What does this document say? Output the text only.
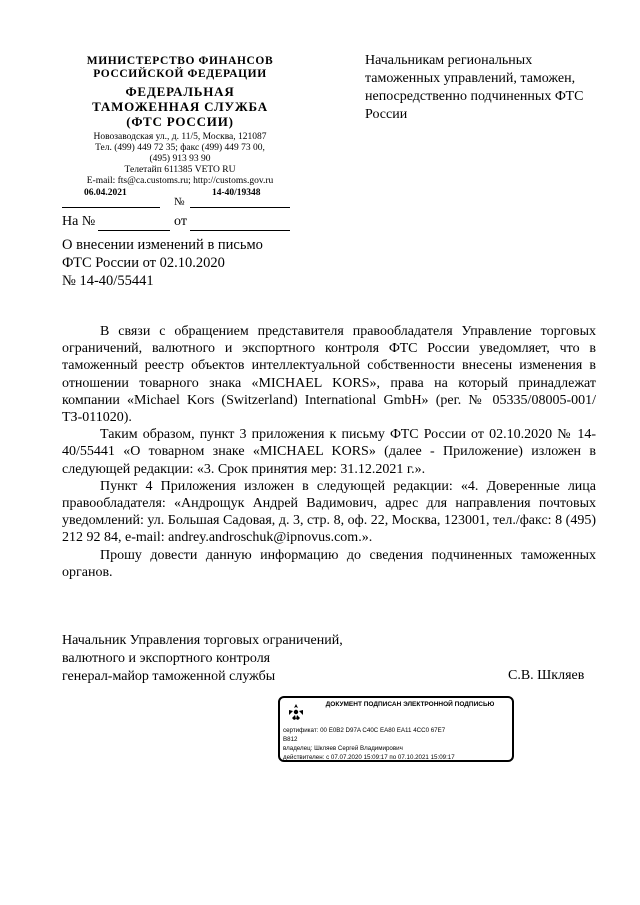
МИНИСТЕРСТВО ФИНАНСОВ РОССИЙСКОЙ ФЕДЕРАЦИИ
ФЕДЕРАЛЬНАЯ
ТАМОЖЕННАЯ СЛУЖБА
(ФТС РОССИИ)
Новозаводская ул., д. 11/5, Москва, 121087
Тел. (499) 449 72 35; факс (499) 449 73 00,
(495) 913 93 90
Телетайп 611385 VETO RU
E-mail: fts@ca.customs.ru; http://customs.gov.ru
06.04.2021
№
14-40/19348
На №	от
Начальникам региональных таможенных управлений, таможен, непосредственно подчиненных ФТС России
О внесении изменений в письмо
ФТС России от 02.10.2020
№ 14-40/55441

В связи с обращением представителя правообладателя Управление торговых ограничений, валютного и экспортного контроля ФТС России уведомляет, что в таможенный реестр объектов интеллектуальной собственности внесены изменения в отношении товарного знака «MICHAEL KORS», права на который принадлежат компании «Michael Kors (Switzerland) International GmbH» (рег. № 05335/08005-001/ТЗ-011020).

Таким образом, пункт 3 приложения к письму ФТС России от 02.10.2020 № 14-40/55441 «О товарном знаке «MICHAEL KORS» (далее - Приложение) изложен в следующей редакции: «3. Срок принятия мер: 31.12.2021 г.».

Пункт 4 Приложения изложен в следующей редакции: «4. Доверенные лица правообладателя: «Андрощук Андрей Вадимович, адрес для направления почтовых уведомлений: ул. Большая Садовая, д. 3, стр. 8, оф. 22, Москва, 123001, тел./факс: 8 (495) 212 92 84, e-mail: andrey.androschuk@ipnovus.com.».

Прошу довести данную информацию до сведения подчиненных таможенных органов.

Начальник Управления торговых ограничений,
валютного и экспортного контроля
генерал-майор таможенной службы	С.В. Шкляев
ДОКУМЕНТ ПОДПИСАН ЭЛЕКТРОННОЙ ПОДПИСЬЮ
сертификат: 00 E0B2 D97A C40C EA80 EA11 4CC0 67E7
B812
владелец: Шкляев Сергей Владимирович
действителен: с 07.07.2020 15:09:17 по 07.10.2021 15:09:17
